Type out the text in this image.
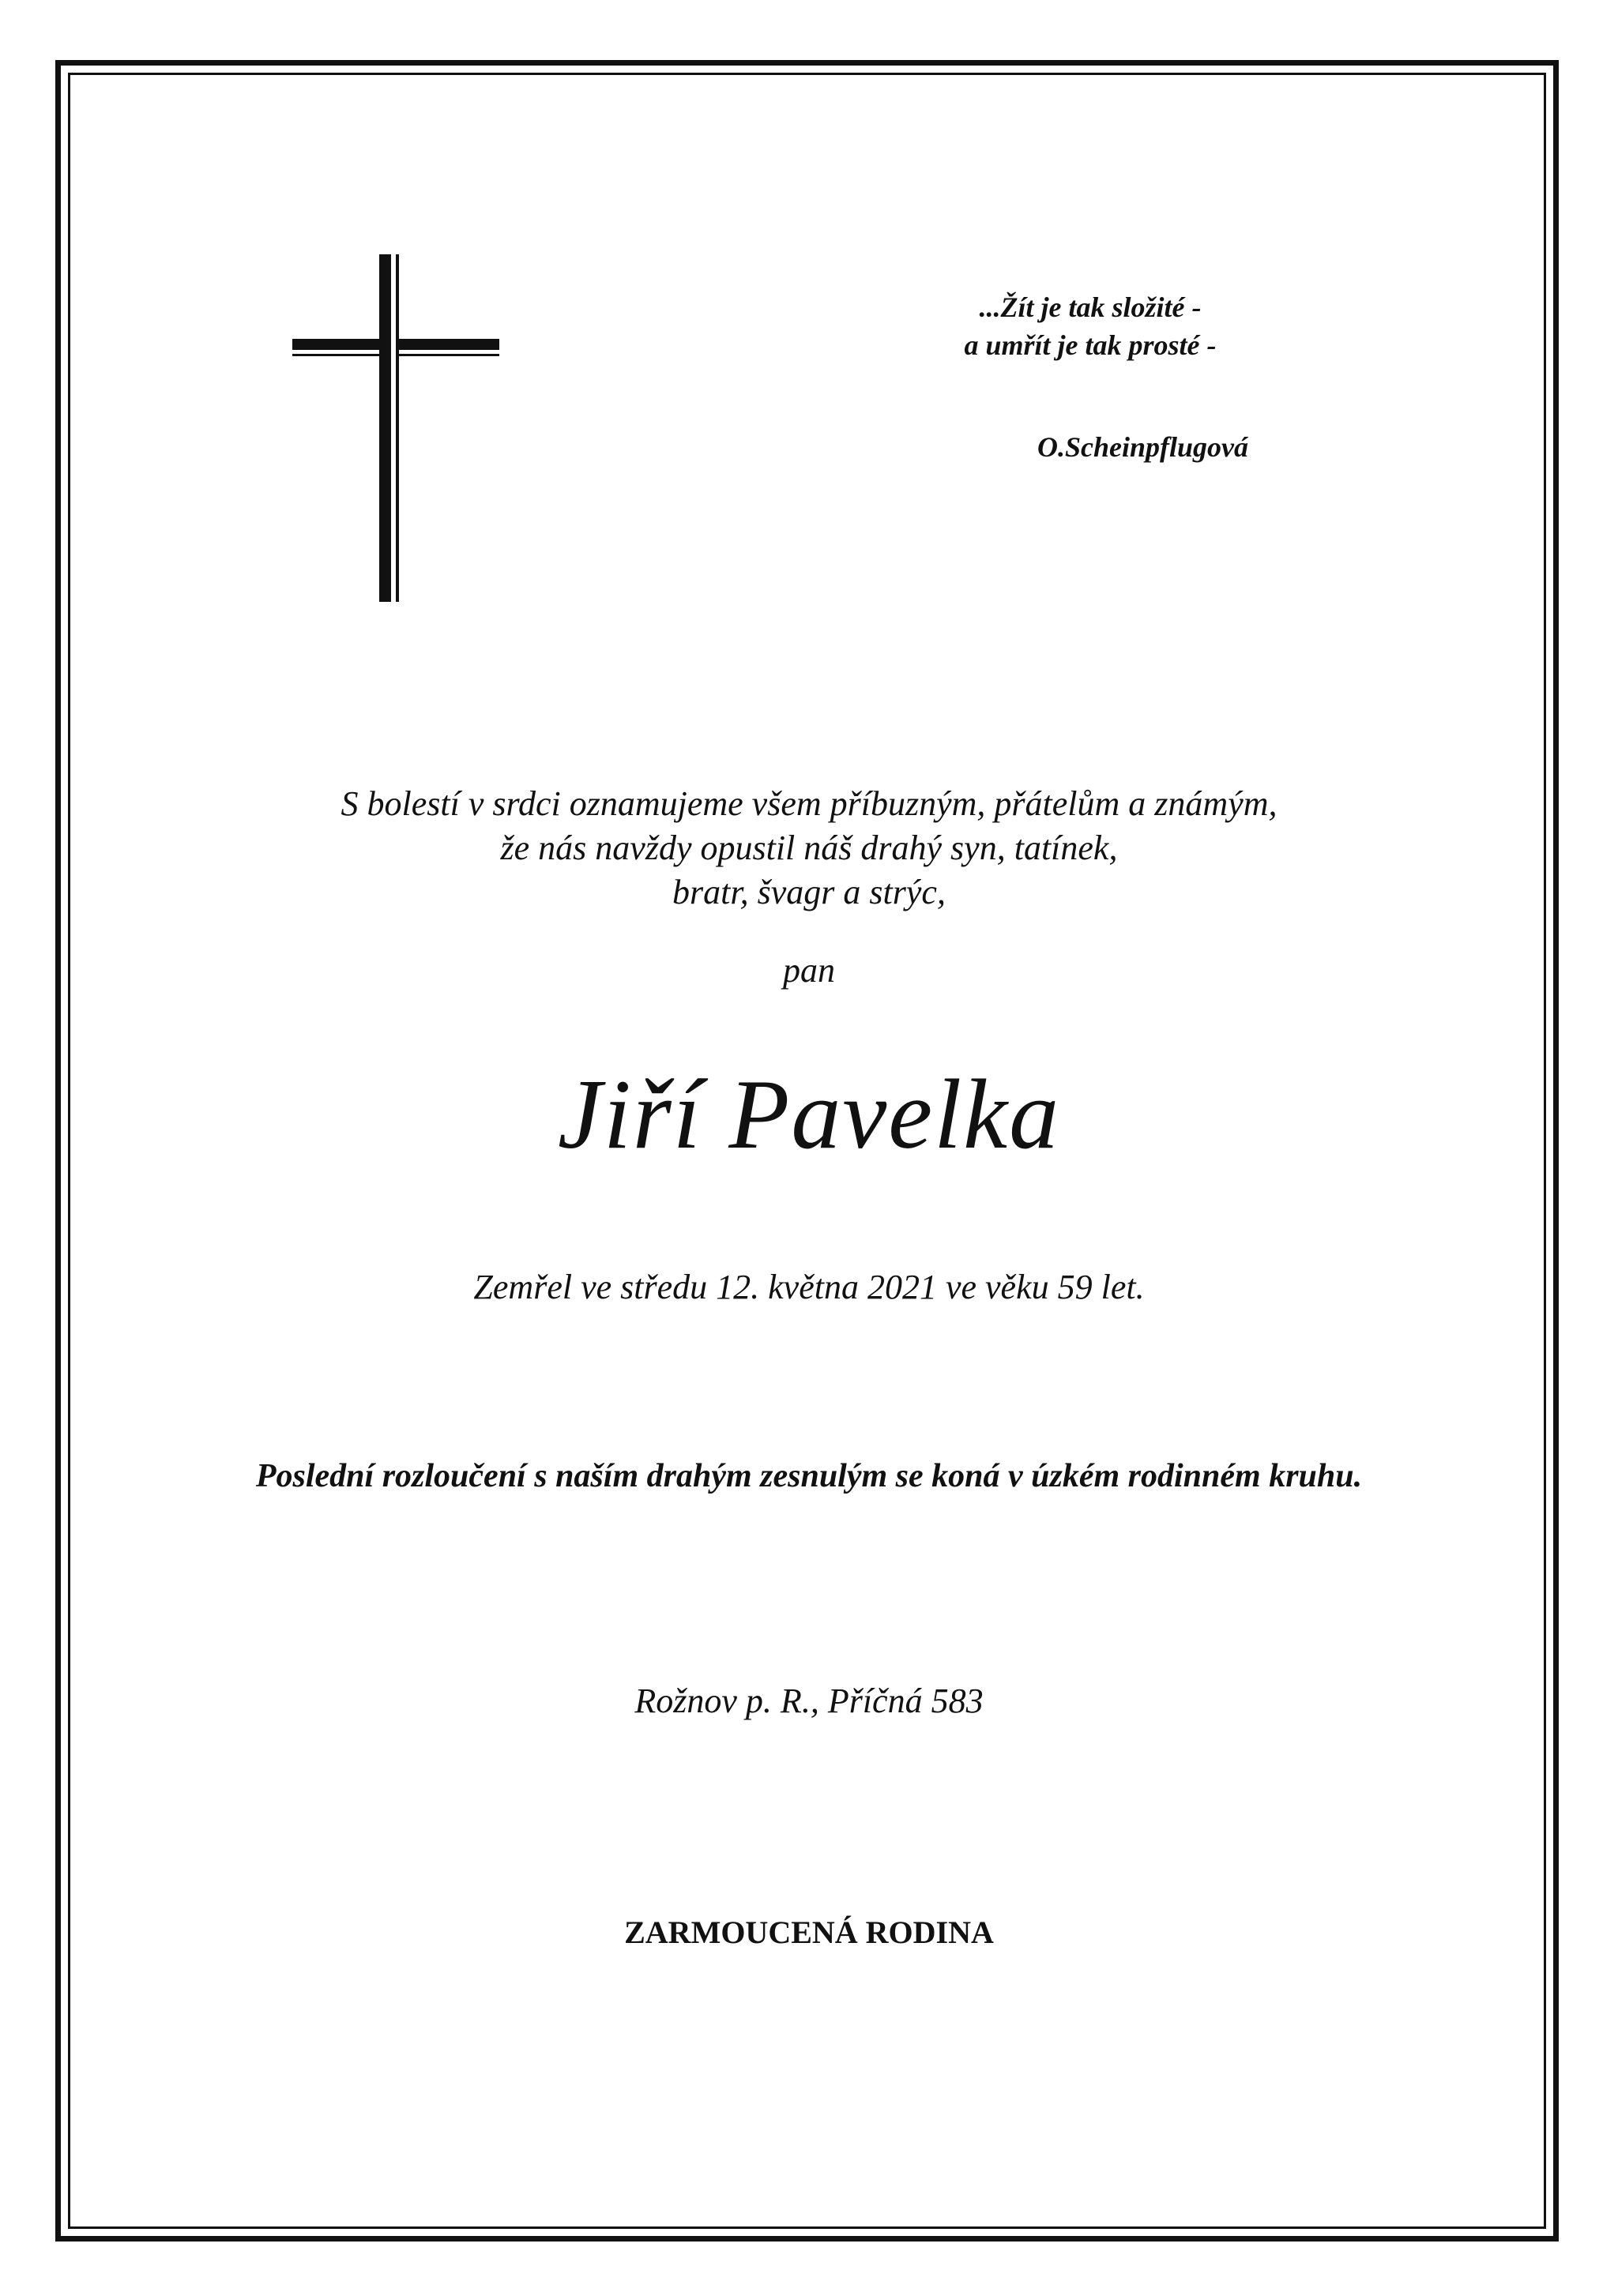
...Žít je tak složité -
a umřít je tak prosté -
O.Scheinpflugová
S bolestí v srdci oznamujeme všem příbuzným, přátelům a známým,
že nás navždy opustil náš drahý syn, tatínek,
bratr, švagr a strýc,
pan
Jiří Pavelka
Zemřel ve středu 12. května 2021 ve věku 59 let.
Poslední rozloučení s naším drahým zesnulým se koná v úzkém rodinném kruhu.
Rožnov p. R., Příčná 583
ZARMOUCENÁ RODINA
